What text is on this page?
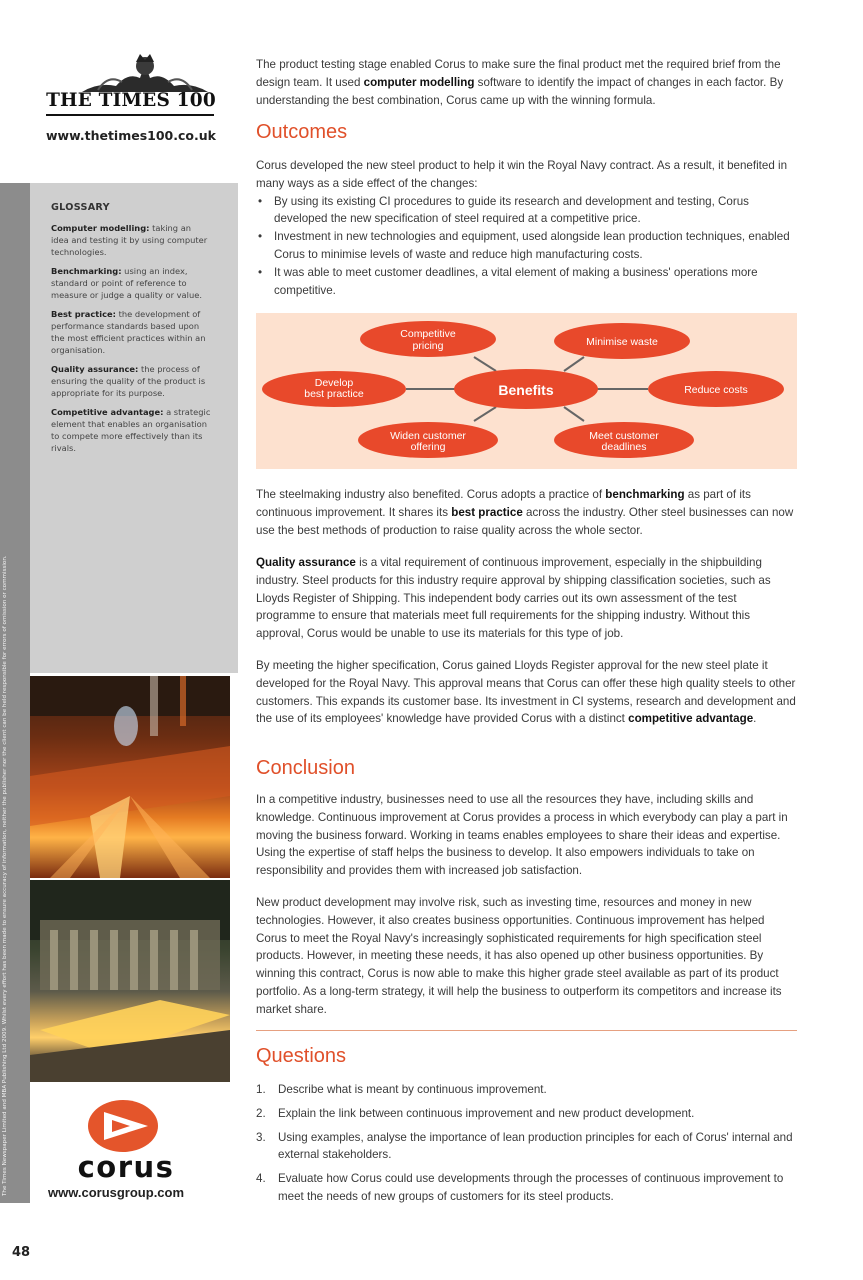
The Times Newspaper Limited and MBA Publishing Ltd 2009. Whilst every effort has been made to ensure accuracy of information, neither the publisher nor the client can be held responsible for errors of omission or commission.
THE TIMES 100
www.thetimes100.co.uk
GLOSSARY
Computer modelling: taking an idea and testing it by using computer technologies.
Benchmarking: using an index, standard or point of reference to measure or judge a quality or value.
Best practice: the development of performance standards based upon the most efficient practices within an organisation.
Quality assurance: the process of ensuring the quality of the product is appropriate for its purpose.
Competitive advantage: a strategic element that enables an organisation to compete more effectively than its rivals.
corus
www.corusgroup.com
48
The product testing stage enabled Corus to make sure the final product met the required brief from the design team. It used computer modelling software to identify the impact of changes in each factor. By understanding the best combination, Corus came up with the winning formula.
Outcomes
Corus developed the new steel product to help it win the Royal Navy contract. As a result, it benefited in many ways as a side effect of the changes:
• By using its existing CI procedures to guide its research and development and testing, Corus developed the new specification of steel required at a competitive price.
• Investment in new technologies and equipment, used alongside lean production techniques, enabled Corus to minimise levels of waste and reduce high manufacturing costs.
• It was able to meet customer deadlines, a vital element of making a business' operations more competitive.
Competitive
pricing	Minimise waste
Develop
best practice	Benefits	Reduce costs
Widen customer
offering
Meet customer
deadlines
The steelmaking industry also benefited. Corus adopts a practice of benchmarking as part of its continuous improvement. It shares its best practice across the industry. Other steel businesses can now use the best methods of production to raise quality across the whole sector.
Quality assurance is a vital requirement of continuous improvement, especially in the shipbuilding industry. Steel products for this industry require approval by shipping classification societies, such as Lloyds Register of Shipping. This independent body carries out its own assessment of the test programme to ensure that materials meet full requirements for the shipping industry. Without this approval, Corus would be unable to use its materials for this type of job.
By meeting the higher specification, Corus gained Lloyds Register approval for the new steel plate it developed for the Royal Navy. This approval means that Corus can offer these high quality steels to other customers. This expands its customer base. Its investment in CI systems, research and development and the use of its employees' knowledge have provided Corus with a distinct competitive advantage.
Conclusion
In a competitive industry, businesses need to use all the resources they have, including skills and knowledge. Continuous improvement at Corus provides a process in which everybody can play a part in moving the business forward. Working in teams enables employees to share their ideas and expertise. Using the expertise of staff helps the business to develop. It also empowers individuals to take on responsibility and provides them with increased job satisfaction.
New product development may involve risk, such as investing time, resources and money in new technologies. However, it also creates business opportunities. Continuous improvement has helped Corus to meet the Royal Navy's increasingly sophisticated requirements for high specification steel products. However, in meeting these needs, it has also opened up other business opportunities. By winning this contract, Corus is now able to make this higher grade steel available as part of its product portfolio. As a long-term strategy, it will help the business to outperform its competitors and increase its market share.
Questions
1. Describe what is meant by continuous improvement.
2. Explain the link between continuous improvement and new product development.
3. Using examples, analyse the importance of lean production principles for each of Corus' internal and external stakeholders.
4. Evaluate how Corus could use developments through the processes of continuous improvement to meet the needs of new groups of customers for its steel products.
